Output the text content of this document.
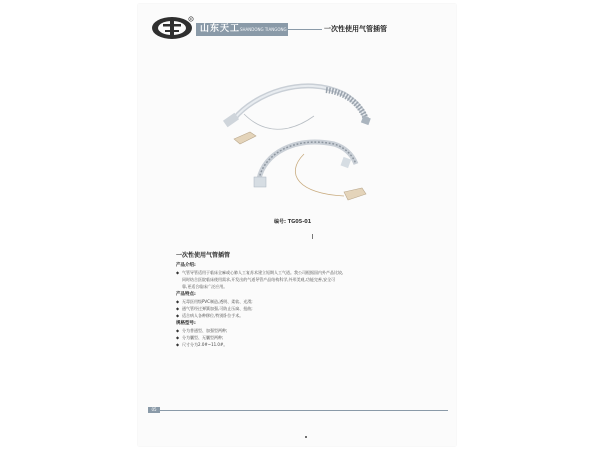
R
山东天工 SHANDONG TIANGONG	一次性使用气管插管
编号: TG05-01
一次性使用气管插管
产品介绍:

◆ 气管导管适用于临床全麻或心肺人工复苏术建立短期人工气道。我公司根据国内外产品比较,

同时结合医院临床使用需求,开发出的气道导管产品结构科学,外形美观,功能完善,安全可

靠,更适合临床广泛应用。

产品特点:

◆ 无毒医用级PVC制造,透明、柔软、光滑;

◆ 通气管经过弹簧加强,可防止压扁、扭曲;

◆ 适合病人各种移位,特别卧位手术。

规格型号:

◆ 分为普通型、加强型两种;

◆ 分为囊型、无囊型两种;

◆ 尺寸分为2.0#~11.0#。

05
